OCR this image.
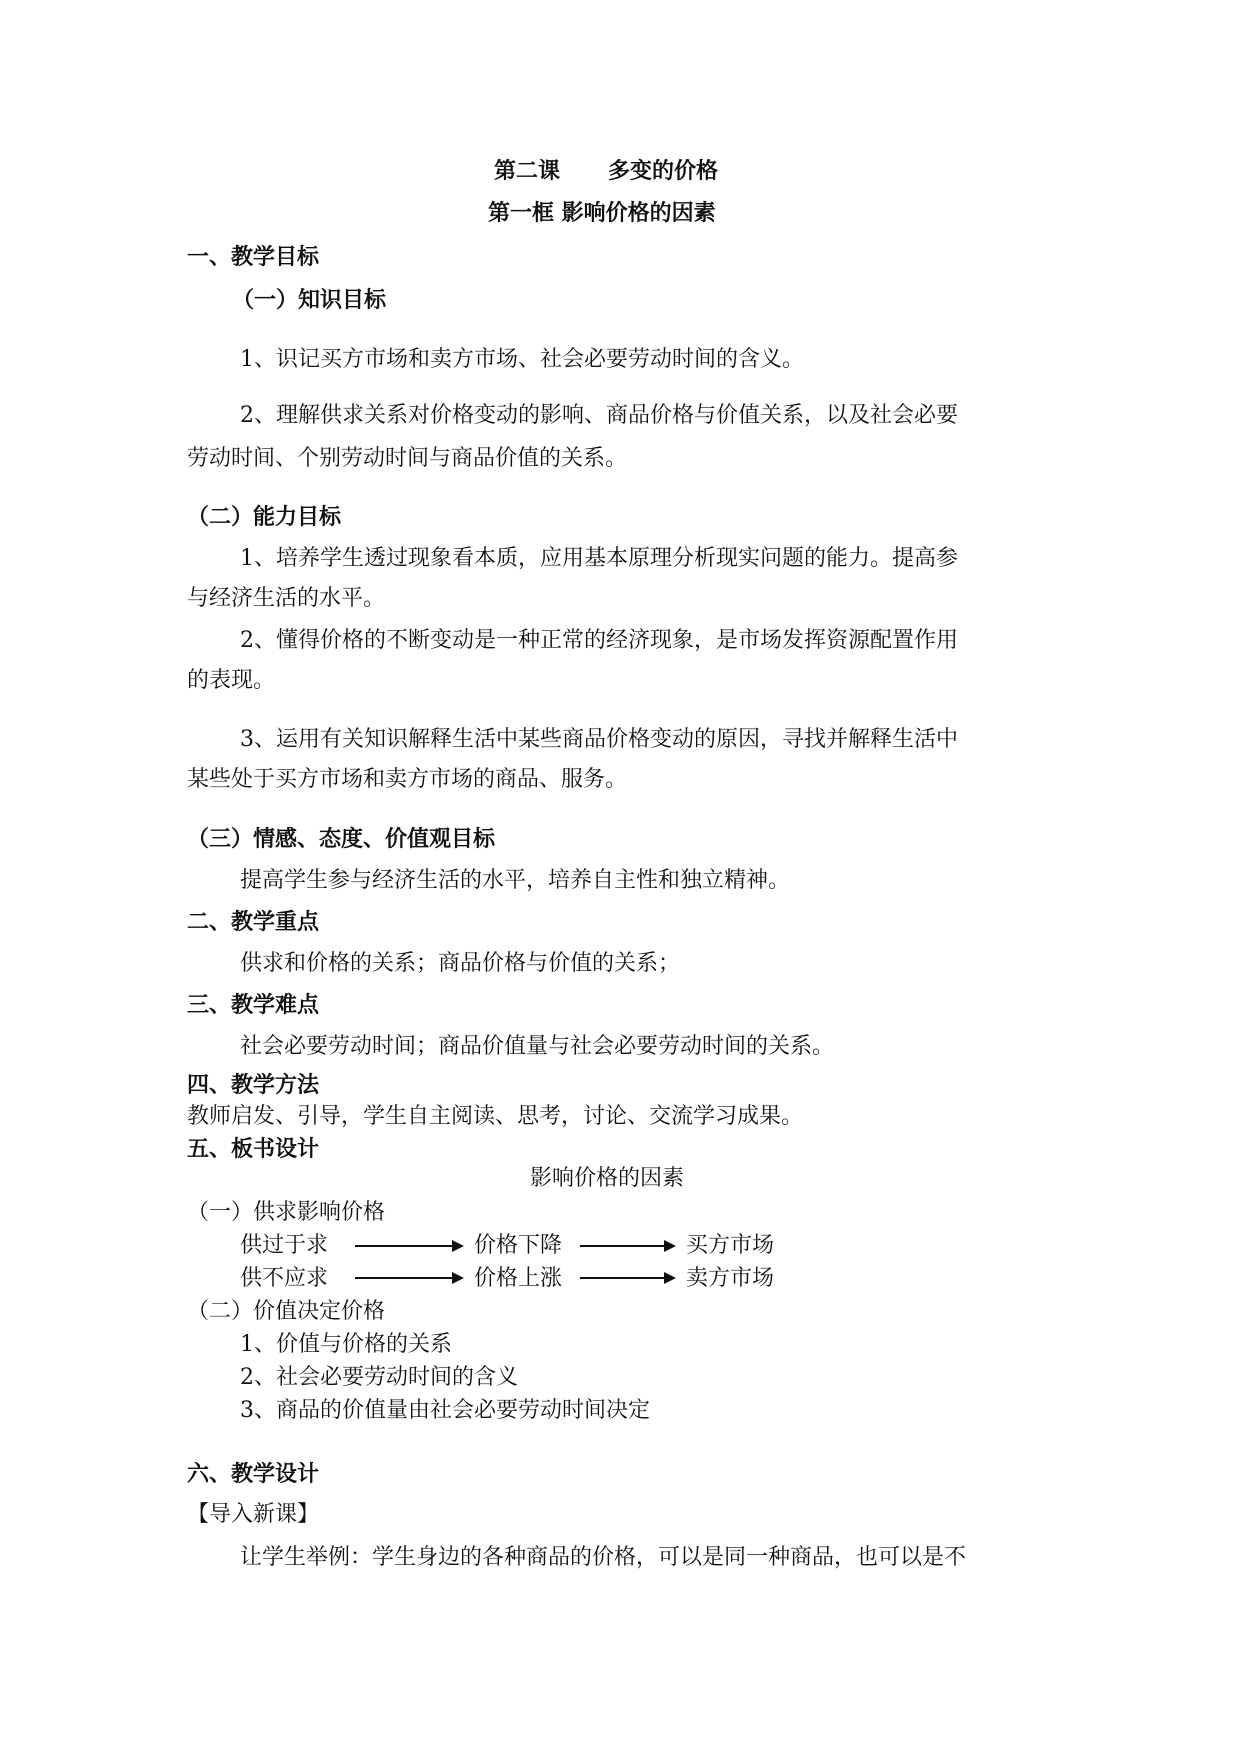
第二课 多变的价格
第一框 影响价格的因素
一、教学目标
（一）知识目标
1、识记买方市场和卖方市场、社会必要劳动时间的含义。
2、理解供求关系对价格变动的影响、商品价格与价值关系，以及社会必要
劳动时间、个别劳动时间与商品价值的关系。
（二）能力目标
1、培养学生透过现象看本质，应用基本原理分析现实问题的能力。提高参
与经济生活的水平。
2、懂得价格的不断变动是一种正常的经济现象，是市场发挥资源配置作用
的表现。
3、运用有关知识解释生活中某些商品价格变动的原因，寻找并解释生活中
某些处于买方市场和卖方市场的商品、服务。
（三）情感、态度、价值观目标
提高学生参与经济生活的水平，培养自主性和独立精神。
二、教学重点
供求和价格的关系；商品价格与价值的关系；
三、教学难点
社会必要劳动时间；商品价值量与社会必要劳动时间的关系。
四、教学方法
教师启发、引导，学生自主阅读、思考，讨论、交流学习成果。
五、板书设计
影响价格的因素
（一）供求影响价格
供过于求	价格下降	买方市场
供不应求	价格上涨	卖方市场
（二）价值决定价格
1、价值与价格的关系
2、社会必要劳动时间的含义
3、商品的价值量由社会必要劳动时间决定
六、教学设计
【导入新课】
让学生举例：学生身边的各种商品的价格，可以是同一种商品，也可以是不
